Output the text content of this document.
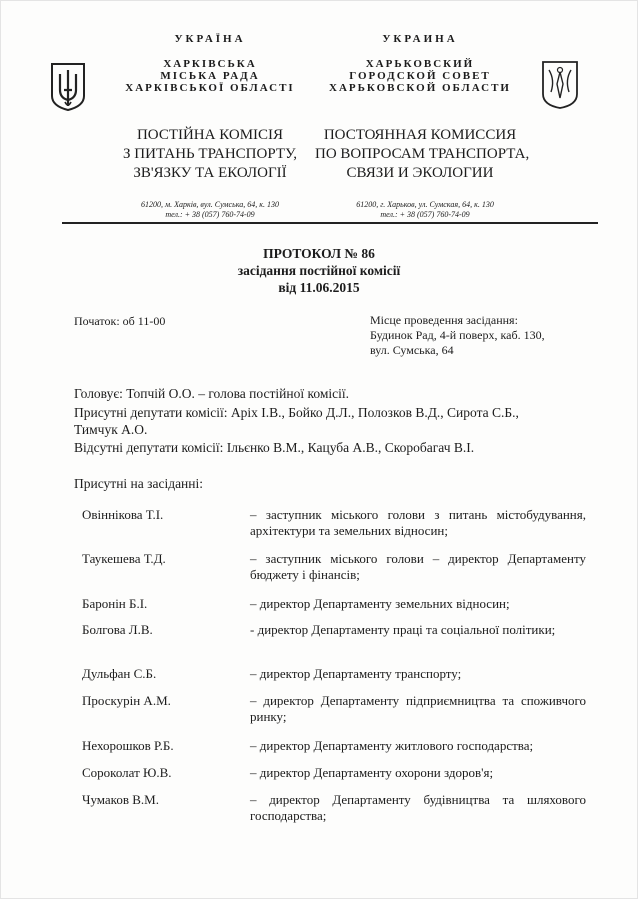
УКРАЇНА
ХАРКІВСЬКА
МІСЬКА РАДА
ХАРКІВСЬКОЇ ОБЛАСТІ
ПОСТІЙНА КОМІСІЯ
З ПИТАНЬ ТРАНСПОРТУ,
ЗВ'ЯЗКУ ТА ЕКОЛОГІЇ
61200, м. Харків, вул. Сумська, 64, к. 130
тел.: + 38 (057) 760-74-09
УКРАИНА
ХАРЬКОВСКИЙ
ГОРОДСКОЙ СОВЕТ
ХАРЬКОВСКОЙ ОБЛАСТИ
ПОСТОЯННАЯ КОМИССИЯ
ПО ВОПРОСАМ ТРАНСПОРТА,
СВЯЗИ И ЭКОЛОГИИ
61200, г. Харьков, ул. Сумская, 64, к. 130
тел.: + 38 (057) 760-74-09
ПРОТОКОЛ № 86
засідання постійної комісії
від 11.06.2015
Початок: об 11-00	Місце проведення засідання:
Будинок Рад, 4-й поверх, каб. 130,
вул. Сумська, 64
Головує: Топчій О.О. – голова постійної комісії.
Присутні депутати комісії: Аріх І.В., Бойко Д.Л., Полозков В.Д., Сирота С.Б.,
Тимчук А.О.
Відсутні депутати комісії: Ільєнко В.М., Кацуба А.В., Скоробагач В.І.
Присутні на засіданні:
Овіннікова Т.І.	– заступник міського голови з питань містобудування, архітектури та земельних відносин;
Таукешева Т.Д.	– заступник міського голови – директор Департаменту бюджету і фінансів;
Баронін Б.І.	– директор Департаменту земельних відносин;
Болгова Л.В.	- директор Департаменту праці та соціальної політики;
Дульфан С.Б.	– директор Департаменту транспорту;
Проскурін А.М.	– директор Департаменту підприємництва та споживчого ринку;
Нехорошков Р.Б.	– директор Департаменту житлового господарства;
Сороколат Ю.В.	– директор Департаменту охорони здоров'я;
Чумаков В.М.	– директор Департаменту будівництва та шляхового господарства;
